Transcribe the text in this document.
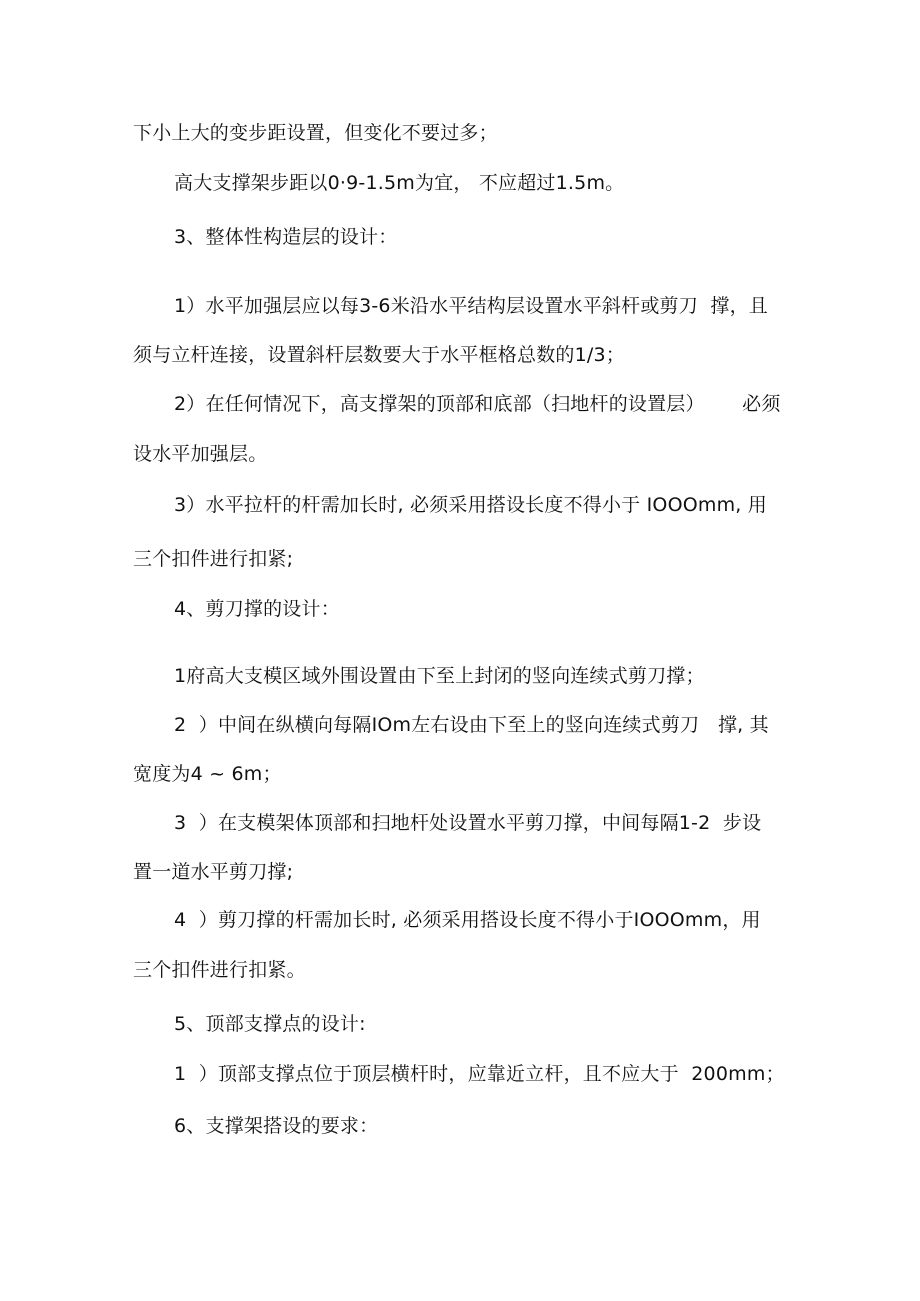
下小上大的变步距设置，但变化不要过多；
高大支撑架步距以0·9-1.5m为宜， 不应超过1.5m。
3、整体性构造层的设计：
1）水平加强层应以每3-6米沿水平结构层设置水平斜杆或剪刀  撑，且
须与立杆连接，设置斜杆层数要大于水平框格总数的1/3；
2）在任何情况下，高支撑架的顶部和底部（扫地杆的设置层）      必须
设水平加强层。
3）水平拉杆的杆需加长时, 必须采用搭设长度不得小于 IOOOmm, 用
三个扣件进行扣紧;
4、剪刀撑的设计：
1府高大支模区域外围设置由下至上封闭的竖向连续式剪刀撑；
2  ）中间在纵横向每隔IOm左右设由下至上的竖向连续式剪刀   撑, 其
宽度为4 ~ 6m；
3  ）在支模架体顶部和扫地杆处设置水平剪刀撑，中间每隔1-2  步设
置一道水平剪刀撑;
4  ）剪刀撑的杆需加长时, 必须采用搭设长度不得小于IOOOmm，用
三个扣件进行扣紧。
5、顶部支撑点的设计:
1  ）顶部支撑点位于顶层横杆时，应靠近立杆，且不应大于  200mm；
6、支撑架搭设的要求：
